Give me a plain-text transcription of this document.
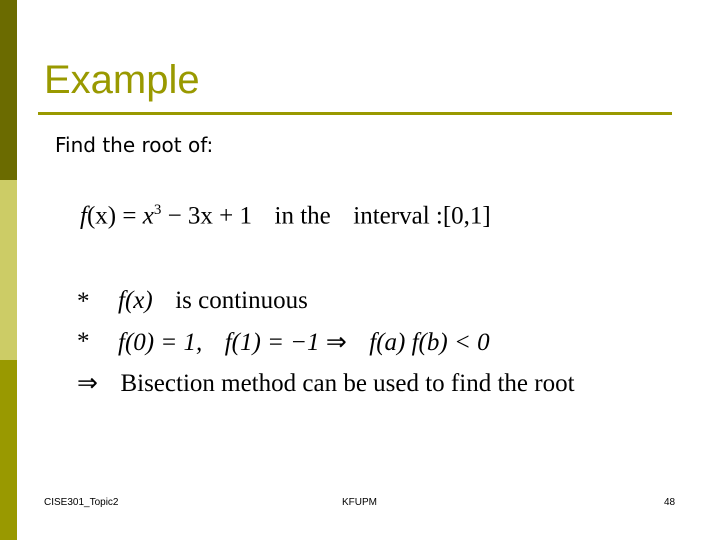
Example
Find the root of:
$f(x) = x^3 - 3x + 1$ in the interval :[0,1]
* f(x) is continuous
* f(0) = 1, f(1) = −1 ⇒ f(a) f(b) < 0
⇒ Bisection method can be used to find the root
CISE301_Topic2	KFUPM	48
